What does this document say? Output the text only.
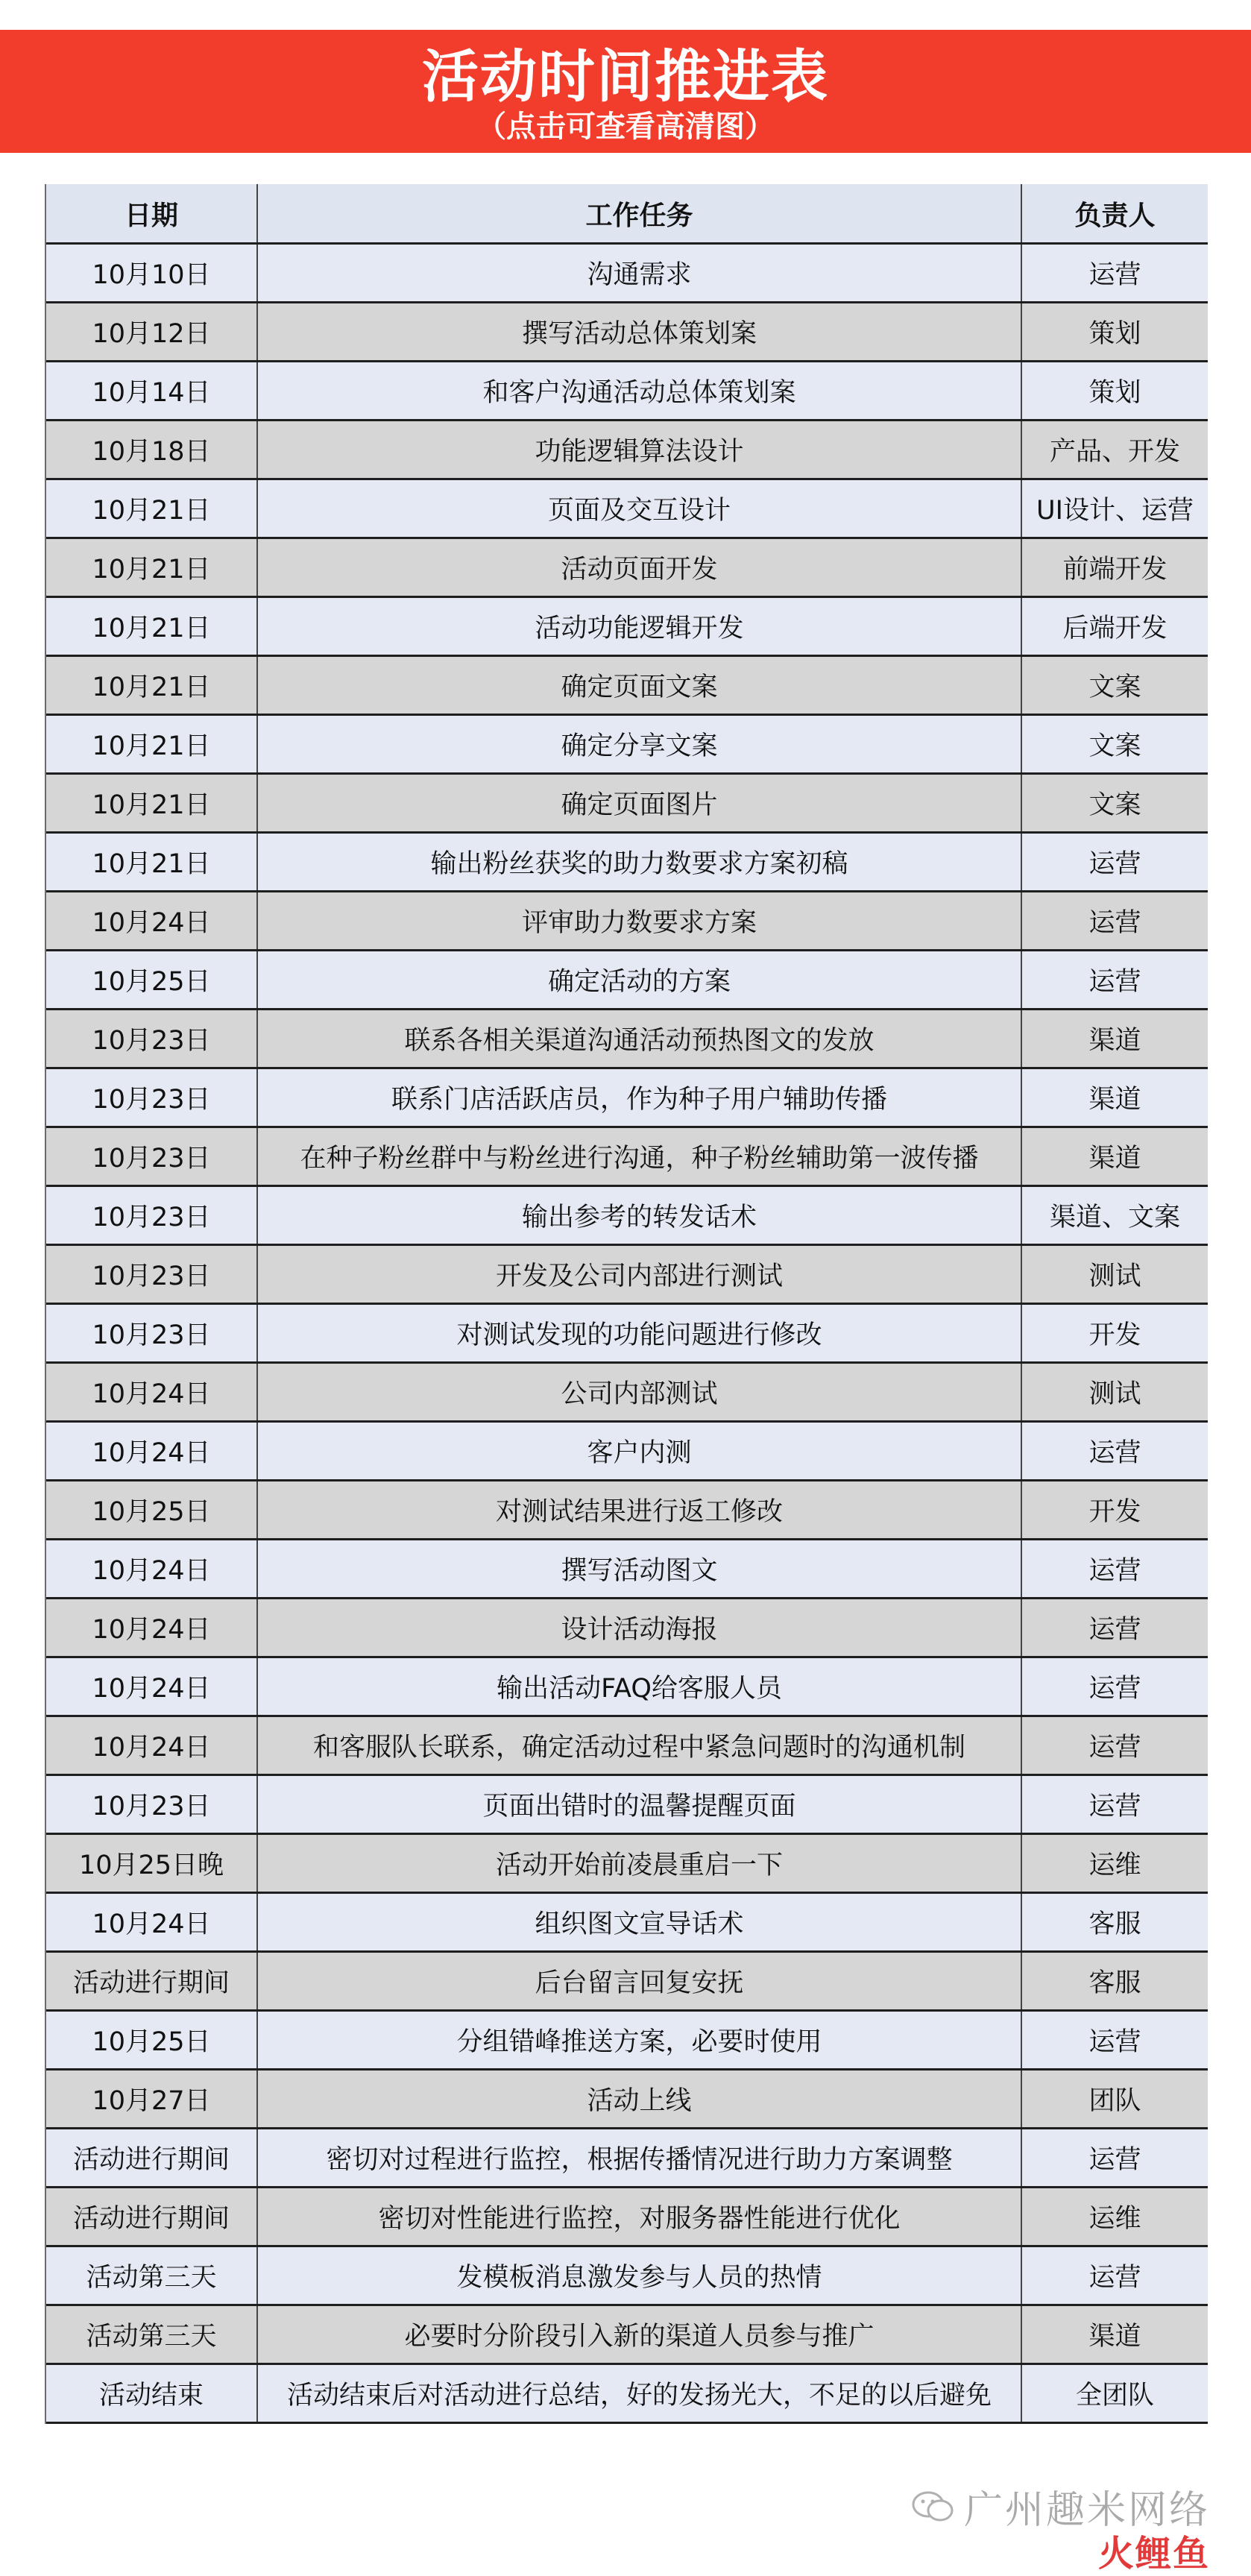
活动时间推进表
（点击可查看高清图）
日期	工作任务	负责人
10月10日	沟通需求	运营
10月12日	撰写活动总体策划案	策划
10月14日	和客户沟通活动总体策划案	策划
10月18日	功能逻辑算法设计	产品、开发
10月21日	页面及交互设计	UI设计、运营
10月21日	活动页面开发	前端开发
10月21日	活动功能逻辑开发	后端开发
10月21日	确定页面文案	文案
10月21日	确定分享文案	文案
10月21日	确定页面图片	文案
10月21日	输出粉丝获奖的助力数要求方案初稿	运营
10月24日	评审助力数要求方案	运营
10月25日	确定活动的方案	运营
10月23日	联系各相关渠道沟通活动预热图文的发放	渠道
10月23日	联系门店活跃店员，作为种子用户辅助传播	渠道
10月23日	在种子粉丝群中与粉丝进行沟通，种子粉丝辅助第一波传播	渠道
10月23日	输出参考的转发话术	渠道、文案
10月23日	开发及公司内部进行测试	测试
10月23日	对测试发现的功能问题进行修改	开发
10月24日	公司内部测试	测试
10月24日	客户内测	运营
10月25日	对测试结果进行返工修改	开发
10月24日	撰写活动图文	运营
10月24日	设计活动海报	运营
10月24日	输出活动FAQ给客服人员	运营
10月24日	和客服队长联系，确定活动过程中紧急问题时的沟通机制	运营
10月23日	页面出错时的温馨提醒页面	运营
10月25日晚	活动开始前凌晨重启一下	运维
10月24日	组织图文宣导话术	客服
活动进行期间	后台留言回复安抚	客服
10月25日	分组错峰推送方案，必要时使用	运营
10月27日	活动上线	团队
活动进行期间	密切对过程进行监控，根据传播情况进行助力方案调整	运营
活动进行期间	密切对性能进行监控，对服务器性能进行优化	运维
活动第三天	发模板消息激发参与人员的热情	运营
活动第三天	必要时分阶段引入新的渠道人员参与推广	渠道
活动结束	活动结束后对活动进行总结，好的发扬光大，不足的以后避免	全团队
广州趣米网络
火鲤鱼
